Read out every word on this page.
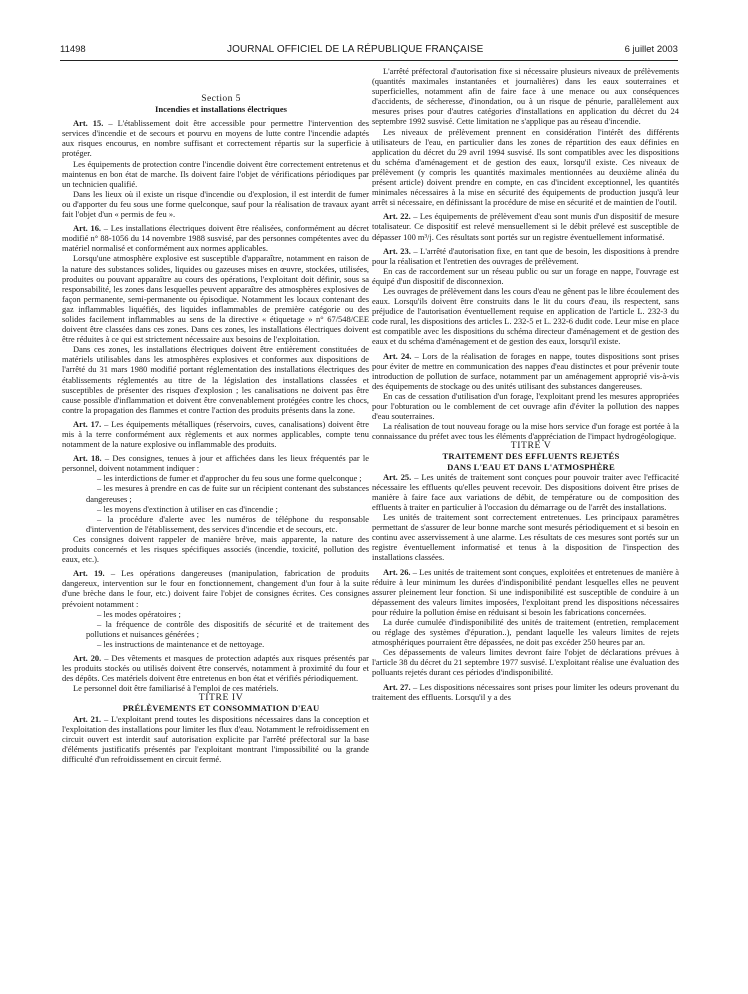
11498	JOURNAL OFFICIEL DE LA RÉPUBLIQUE FRANÇAISE	6 juillet 2003

Section 5

Incendies et installations électriques

Art. 15. – L'établissement doit être accessible pour permettre l'intervention des services d'incendie et de secours et pourvu en moyens de lutte contre l'incendie adaptés aux risques encourus, en nombre suffisant et correctement répartis sur la superficie à protéger.

Les équipements de protection contre l'incendie doivent être correctement entretenus et maintenus en bon état de marche. Ils doivent faire l'objet de vérifications périodiques par un technicien qualifié.

Dans les lieux où il existe un risque d'incendie ou d'explosion, il est interdit de fumer ou d'apporter du feu sous une forme quelconque, sauf pour la réalisation de travaux ayant fait l'objet d'un « permis de feu ».

Art. 16. – Les installations électriques doivent être réalisées, conformément au décret modifié n° 88-1056 du 14 novembre 1988 susvisé, par des personnes compétentes avec du matériel normalisé et conformément aux normes applicables.

Lorsqu'une atmosphère explosive est susceptible d'apparaître, notamment en raison de la nature des substances solides, liquides ou gazeuses mises en œuvre, stockées, utilisées, produites ou pouvant apparaître au cours des opérations, l'exploitant doit définir, sous sa responsabilité, les zones dans lesquelles peuvent apparaître des atmosphères explosives de façon permanente, semi-permanente ou épisodique. Notamment les locaux contenant des gaz inflammables liquéfiés, des liquides inflammables de première catégorie ou des solides facilement inflammables au sens de la directive « étiquetage » n° 67/548/CEE doivent être classées dans ces zones. Dans ces zones, les installations électriques doivent être réduites à ce qui est strictement nécessaire aux besoins de l'exploitation.

Dans ces zones, les installations électriques doivent être entièrement constituées de matériels utilisables dans les atmosphères explosives et conformes aux dispositions de l'arrêté du 31 mars 1980 modifié portant réglementation des installations électriques des établissements réglementés au titre de la législation des installations classées et susceptibles de présenter des risques d'explosion ; les canalisations ne doivent pas être cause possible d'inflammation et doivent être convenablement protégées contre les chocs, contre la propagation des flammes et contre l'action des produits présents dans la zone.

Art. 17. – Les équipements métalliques (réservoirs, cuves, canalisations) doivent être mis à la terre conformément aux règlements et aux normes applicables, compte tenu notamment de la nature explosive ou inflammable des produits.

Art. 18. – Des consignes, tenues à jour et affichées dans les lieux fréquentés par le personnel, doivent notamment indiquer :

– les interdictions de fumer et d'approcher du feu sous une forme quelconque ;

– les mesures à prendre en cas de fuite sur un récipient contenant des substances dangereuses ;

– les moyens d'extinction à utiliser en cas d'incendie ;

– la procédure d'alerte avec les numéros de téléphone du responsable d'intervention de l'établissement, des services d'incendie et de secours, etc.

Ces consignes doivent rappeler de manière brève, mais apparente, la nature des produits concernés et les risques spécifiques associés (incendie, toxicité, pollution des eaux, etc.).

Art. 19. – Les opérations dangereuses (manipulation, fabrication de produits dangereux, intervention sur le four en fonctionnement, changement d'un four à la suite d'une brèche dans le four, etc.) doivent faire l'objet de consignes écrites. Ces consignes prévoient notamment :

– les modes opératoires ;

– la fréquence de contrôle des dispositifs de sécurité et de traitement des pollutions et nuisances générées ;

– les instructions de maintenance et de nettoyage.

Art. 20. – Des vêtements et masques de protection adaptés aux risques présentés par les produits stockés ou utilisés doivent être conservés, notamment à proximité du four et des dépôts. Ces matériels doivent être entretenus en bon état et vérifiés périodiquement.

Le personnel doit être familiarisé à l'emploi de ces matériels.

TITRE IV

PRÉLÈVEMENTS ET CONSOMMATION D'EAU

Art. 21. – L'exploitant prend toutes les dispositions nécessaires dans la conception et l'exploitation des installations pour limiter les flux d'eau. Notamment le refroidissement en circuit ouvert est interdit sauf autorisation explicite par l'arrêté préfectoral sur la base d'éléments justificatifs présentés par l'exploitant montrant l'impossibilité ou la grande difficulté d'un refroidissement en circuit fermé.

L'arrêté préfectoral d'autorisation fixe si nécessaire plusieurs niveaux de prélèvements (quantités maximales instantanées et journalières) dans les eaux souterraines et superficielles, notamment afin de faire face à une menace ou aux conséquences d'accidents, de sécheresse, d'inondation, ou à un risque de pénurie, parallèlement aux mesures prises pour d'autres catégories d'installations en application du décret du 24 septembre 1992 susvisé. Cette limitation ne s'applique pas au réseau d'incendie.

Les niveaux de prélèvement prennent en considération l'intérêt des différents utilisateurs de l'eau, en particulier dans les zones de répartition des eaux définies en application du décret du 29 avril 1994 susvisé. Ils sont compatibles avec les dispositions du schéma d'aménagement et de gestion des eaux, lorsqu'il existe. Ces niveaux de prélèvement (y compris les quantités maximales mentionnées au deuxième alinéa du présent article) doivent prendre en compte, en cas d'incident exceptionnel, les quantités minimales nécessaires à la mise en sécurité des équipements de production jusqu'à leur arrêt si nécessaire, en définissant la procédure de mise en sécurité et de maintien de l'outil.

Art. 22. – Les équipements de prélèvement d'eau sont munis d'un dispositif de mesure totalisateur. Ce dispositif est relevé mensuellement si le débit prélevé est susceptible de dépasser 100 m³/j. Ces résultats sont portés sur un registre éventuellement informatisé.

Art. 23. – L'arrêté d'autorisation fixe, en tant que de besoin, les dispositions à prendre pour la réalisation et l'entretien des ouvrages de prélèvement.

En cas de raccordement sur un réseau public ou sur un forage en nappe, l'ouvrage est équipé d'un dispositif de disconnexion.

Les ouvrages de prélèvement dans les cours d'eau ne gênent pas le libre écoulement des eaux. Lorsqu'ils doivent être construits dans le lit du cours d'eau, ils respectent, sans préjudice de l'autorisation éventuellement requise en application de l'article L. 232-3 du code rural, les dispositions des articles L. 232-5 et L. 232-6 dudit code. Leur mise en place est compatible avec les dispositions du schéma directeur d'aménagement et de gestion des eaux et du schéma d'aménagement et de gestion des eaux, lorsqu'il existe.

Art. 24. – Lors de la réalisation de forages en nappe, toutes dispositions sont prises pour éviter de mettre en communication des nappes d'eau distinctes et pour prévenir toute introduction de pollution de surface, notamment par un aménagement approprié vis-à-vis des équipements de stockage ou des unités utilisant des substances dangereuses.

En cas de cessation d'utilisation d'un forage, l'exploitant prend les mesures appropriées pour l'obturation ou le comblement de cet ouvrage afin d'éviter la pollution des nappes d'eau souterraines.

La réalisation de tout nouveau forage ou la mise hors service d'un forage est portée à la connaissance du préfet avec tous les éléments d'appréciation de l'impact hydrogéologique.

TITRE V

TRAITEMENT DES EFFLUENTS REJETÉS

DANS L'EAU ET DANS L'ATMOSPHÈRE

Art. 25. – Les unités de traitement sont conçues pour pouvoir traiter avec l'efficacité nécessaire les effluents qu'elles peuvent recevoir. Des dispositions doivent être prises de manière à faire face aux variations de débit, de température ou de composition des effluents à traiter en particulier à l'occasion du démarrage ou de l'arrêt des installations.

Les unités de traitement sont correctement entretenues. Les principaux paramètres permettant de s'assurer de leur bonne marche sont mesurés périodiquement et si besoin en continu avec asservissement à une alarme. Les résultats de ces mesures sont portés sur un registre éventuellement informatisé et tenus à la disposition de l'inspection des installations classées.

Art. 26. – Les unités de traitement sont conçues, exploitées et entretenues de manière à réduire à leur minimum les durées d'indisponibilité pendant lesquelles elles ne peuvent assurer pleinement leur fonction. Si une indisponibilité est susceptible de conduire à un dépassement des valeurs limites imposées, l'exploitant prend les dispositions nécessaires pour réduire la pollution émise en réduisant si besoin les fabrications concernées.

La durée cumulée d'indisponibilité des unités de traitement (entretien, remplacement ou réglage des systèmes d'épuration..), pendant laquelle les valeurs limites de rejets atmosphériques pourraient être dépassées, ne doit pas excéder 250 heures par an.

Ces dépassements de valeurs limites devront faire l'objet de déclarations prévues à l'article 38 du décret du 21 septembre 1977 susvisé. L'exploitant réalise une évaluation des polluants rejetés durant ces périodes d'indisponibilité.

Art. 27. – Les dispositions nécessaires sont prises pour limiter les odeurs provenant du traitement des effluents. Lorsqu'il y a des
